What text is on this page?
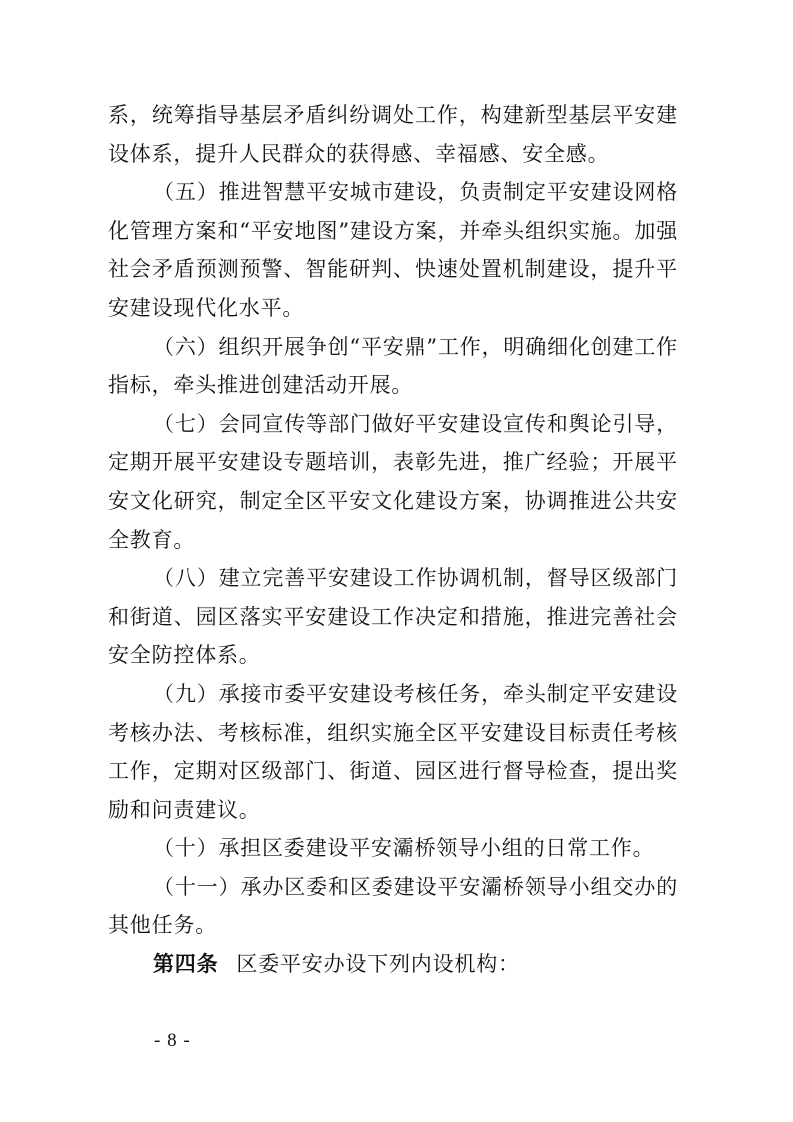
系，统筹指导基层矛盾纠纷调处工作，构建新型基层平安建设体系，提升人民群众的获得感、幸福感、安全感。

（五）推进智慧平安城市建设，负责制定平安建设网格化管理方案和“平安地图”建设方案，并牵头组织实施。加强社会矛盾预测预警、智能研判、快速处置机制建设，提升平安建设现代化水平。

（六）组织开展争创“平安鼎”工作，明确细化创建工作指标，牵头推进创建活动开展。

（七）会同宣传等部门做好平安建设宣传和舆论引导，定期开展平安建设专题培训，表彰先进，推广经验；开展平安文化研究，制定全区平安文化建设方案，协调推进公共安全教育。

（八）建立完善平安建设工作协调机制，督导区级部门和街道、园区落实平安建设工作决定和措施，推进完善社会安全防控体系。

（九）承接市委平安建设考核任务，牵头制定平安建设考核办法、考核标准，组织实施全区平安建设目标责任考核工作，定期对区级部门、街道、园区进行督导检查，提出奖励和问责建议。

（十）承担区委建设平安灞桥领导小组的日常工作。

（十一）承办区委和区委建设平安灞桥领导小组交办的其他任务。

第四条 区委平安办设下列内设机构：

- 8 -
